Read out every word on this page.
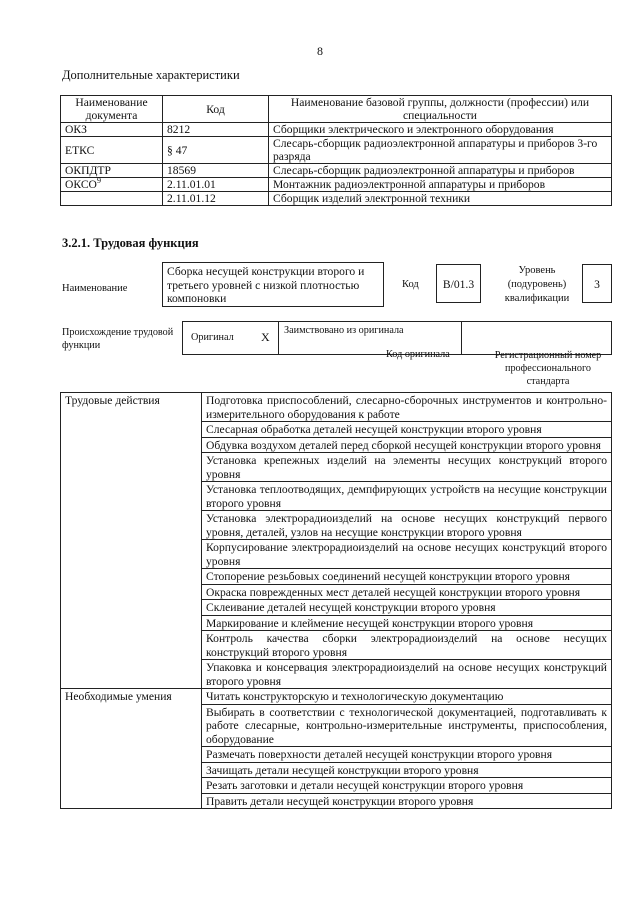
8
Дополнительные характеристики
Наименование документа	Код	Наименование базовой группы, должности (профессии) или специальности
ОКЗ	8212	Сборщики электрического и электронного оборудования
ЕТКС	§ 47	Слесарь-сборщик радиоэлектронной аппаратуры и приборов 3-го разряда
ОКПДТР	18569	Слесарь-сборщик радиоэлектронной аппаратуры и приборов
ОКСО$^9$	2.11.01.01	Монтажник радиоэлектронной аппаратуры и приборов
	2.11.01.12	Сборщик изделий электронной техники
3.2.1. Трудовая функция
Наименование
Сборка несущей конструкции второго и третьего уровней с низкой плотностью компоновки
Код	B/01.3
Уровень (подуровень) квалификации
3
Происхождение трудовой функции
Оригинал X Заимствовано из оригинала
Код оригинала	Регистрационный номер профессионального стандарта
Трудовые действия	Подготовка приспособлений, слесарно-сборочных инструментов и контрольно-измерительного оборудования к работе
	Слесарная обработка деталей несущей конструкции второго уровня
	Обдувка воздухом деталей перед сборкой несущей конструкции второго уровня
	Установка крепежных изделий на элементы несущих конструкций второго уровня
	Установка теплоотводящих, демпфирующих устройств на несущие конструкции второго уровня
	Установка электрорадиоизделий на основе несущих конструкций первого уровня, деталей, узлов на несущие конструкции второго уровня
	Корпусирование электрорадиоизделий на основе несущих конструкций второго уровня
	Стопорение резьбовых соединений несущей конструкции второго уровня
	Окраска поврежденных мест деталей несущей конструкции второго уровня
	Склеивание деталей несущей конструкции второго уровня
	Маркирование и клеймение несущей конструкции второго уровня
	Контроль качества сборки электрорадиоизделий на основе несущих конструкций второго уровня
	Упаковка и консервация электрорадиоизделий на основе несущих конструкций второго уровня
Необходимые умения	Читать конструкторскую и технологическую документацию
	Выбирать в соответствии с технологической документацией, подготавливать к работе слесарные, контрольно-измерительные инструменты, приспособления, оборудование
	Размечать поверхности деталей несущей конструкции второго уровня
	Зачищать детали несущей конструкции второго уровня
	Резать заготовки и детали несущей конструкции второго уровня
	Править детали несущей конструкции второго уровня
